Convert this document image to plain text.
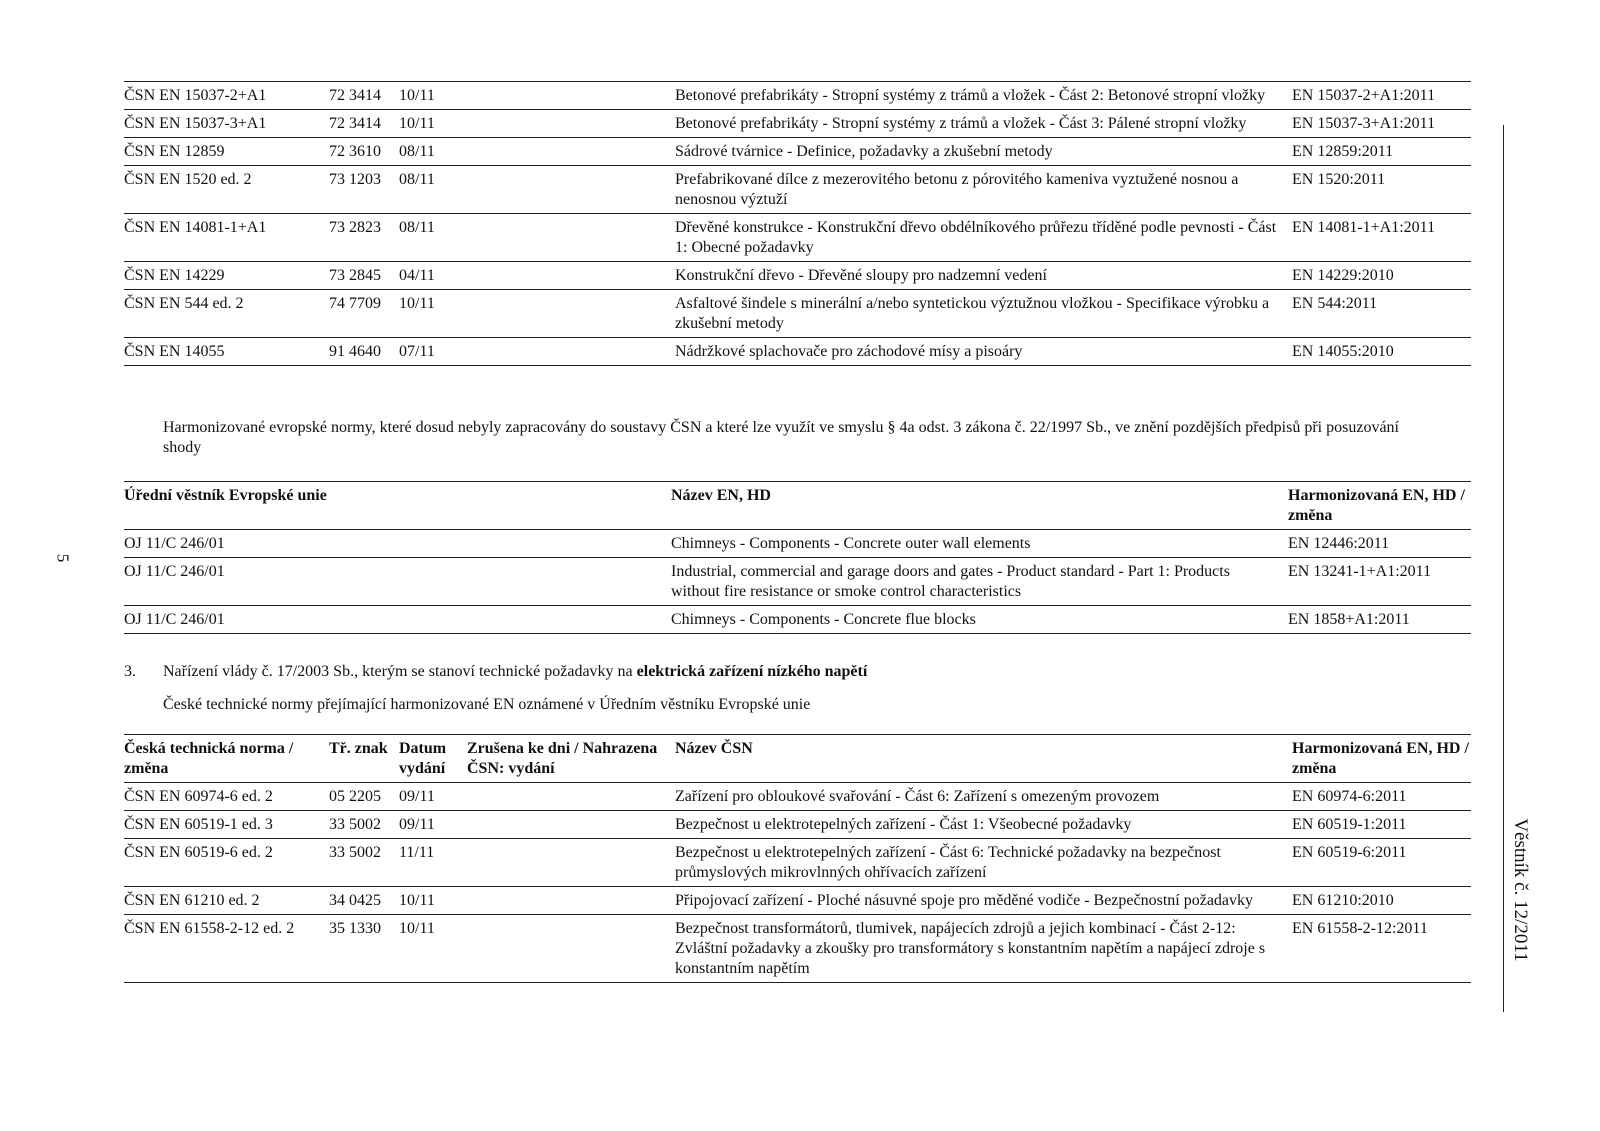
ČSN EN 15037-2+A1	72 3414	10/11	Betonové prefabrikáty - Stropní systémy z trámů a vložek - Část 2: Betonové stropní vložky	EN 15037-2+A1:2011
ČSN EN 15037-3+A1	72 3414	10/11	Betonové prefabrikáty - Stropní systémy z trámů a vložek - Část 3: Pálené stropní vložky	EN 15037-3+A1:2011
ČSN EN 12859	72 3610	08/11	Sádrové tvárnice - Definice, požadavky a zkušební metody	EN 12859:2011
ČSN EN 1520 ed. 2	73 1203	08/11	Prefabrikované dílce z mezerovitého betonu z pórovitého kameniva vyztužené nosnou a nenosnou výztuží	EN 1520:2011
ČSN EN 14081-1+A1	73 2823	08/11	Dřevěné konstrukce - Konstrukční dřevo obdélníkového průřezu tříděné podle pevnosti - Část 1: Obecné požadavky	EN 14081-1+A1:2011
ČSN EN 14229	73 2845	04/11	Konstrukční dřevo - Dřevěné sloupy pro nadzemní vedení	EN 14229:2010
ČSN EN 544 ed. 2	74 7709	10/11	Asfaltové šindele s minerální a/nebo syntetickou výztužnou vložkou - Specifikace výrobku a zkušební metody	EN 544:2011
ČSN EN 14055	91 4640	07/11	Nádržkové splachovače pro záchodové mísy a pisoáry	EN 14055:2010
Harmonizované evropské normy, které dosud nebyly zapracovány do soustavy ČSN a které lze využít ve smyslu § 4a odst. 3 zákona č. 22/1997 Sb., ve znění pozdějších předpisů při posuzování shody
Úřední věstník Evropské unie	Název EN, HD	Harmonizovaná EN, HD / změna
OJ 11/C 246/01	Chimneys - Components - Concrete outer wall elements	EN 12446:2011
OJ 11/C 246/01	Industrial, commercial and garage doors and gates - Product standard - Part 1: Products without fire resistance or smoke control characteristics	EN 13241-1+A1:2011
OJ 11/C 246/01	Chimneys - Components - Concrete flue blocks	EN 1858+A1:2011
3. Nařízení vlády č. 17/2003 Sb., kterým se stanoví technické požadavky na elektrická zařízení nízkého napětí
České technické normy přejímající harmonizované EN oznámené v Úředním věstníku Evropské unie
Česká technická norma / změna	Tř. znak	Datum vydání	Zrušena ke dni / Nahrazena ČSN: vydání	Název ČSN	Harmonizovaná EN, HD / změna
ČSN EN 60974-6 ed. 2	05 2205	09/11		Zařízení pro obloukové svařování - Část 6: Zařízení s omezeným provozem	EN 60974-6:2011
ČSN EN 60519-1 ed. 3	33 5002	09/11		Bezpečnost u elektrotepelných zařízení - Část 1: Všeobecné požadavky	EN 60519-1:2011
ČSN EN 60519-6 ed. 2	33 5002	11/11		Bezpečnost u elektrotepelných zařízení - Část 6: Technické požadavky na bezpečnost průmyslových mikrovlnných ohřívacích zařízení	EN 60519-6:2011
ČSN EN 61210 ed. 2	34 0425	10/11		Připojovací zařízení - Ploché násuvné spoje pro měděné vodiče - Bezpečnostní požadavky	EN 61210:2010
ČSN EN 61558-2-12 ed. 2	35 1330	10/11		Bezpečnost transformátorů, tlumivek, napájecích zdrojů a jejich kombinací - Část 2-12: Zvláštní požadavky a zkoušky pro transformátory s konstantním napětím a napájecí zdroje s konstantním napětím	EN 61558-2-12:2011
5
Věstník č. 12/2011
